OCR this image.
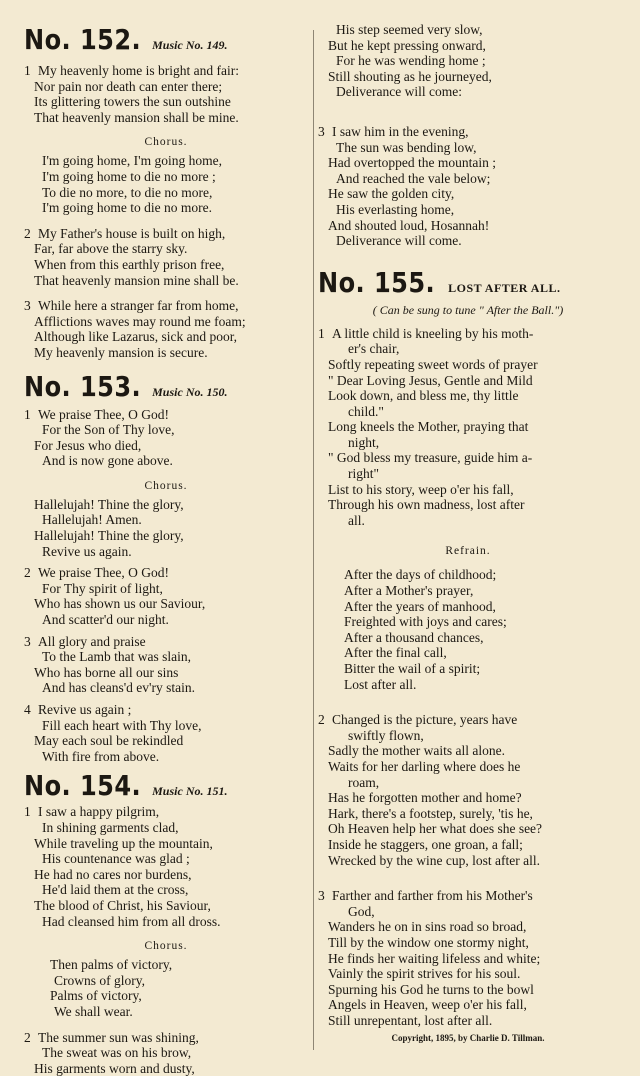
No. 152. Music No. 149.
1 My heavenly home is bright and fair:
Nor pain nor death can enter there;
Its glittering towers the sun outshine
That heavenly mansion shall be mine.
Chorus.
I'm going home, I'm going home,
I'm going home to die no more ;
To die no more, to die no more,
I'm going home to die no more.
2 My Father's house is built on high,
Far, far above the starry sky.
When from this earthly prison free,
That heavenly mansion mine shall be.
3 While here a stranger far from home,
Afflictions waves may round me foam;
Although like Lazarus, sick and poor,
My heavenly mansion is secure.
No. 153. Music No. 150.
1 We praise Thee, O God!
For the Son of Thy love,
For Jesus who died,
And is now gone above.
Chorus.
Hallelujah! Thine the glory,
Hallelujah! Amen.
Hallelujah! Thine the glory,
Revive us again.
2 We praise Thee, O God!
For Thy spirit of light,
Who has shown us our Saviour,
And scatter'd our night.
3 All glory and praise
To the Lamb that was slain,
Who has borne all our sins
And has cleans'd ev'ry stain.
4 Revive us again ;
Fill each heart with Thy love,
May each soul be rekindled
With fire from above.
No. 154. Music No. 151.
1 I saw a happy pilgrim,
In shining garments clad,
While traveling up the mountain,
His countenance was glad ;
He had no cares nor burdens,
He'd laid them at the cross,
The blood of Christ, his Saviour,
Had cleansed him from all dross.
Chorus.
Then palms of victory,
Crowns of glory,
Palms of victory,
We shall wear.
2 The summer sun was shining,
The sweat was on his brow,
His garments worn and dusty,
His step seemed very slow,
But he kept pressing onward,
For he was wending home ;
Still shouting as he journeyed,
Deliverance will come:
3 I saw him in the evening,
The sun was bending low,
Had overtopped the mountain ;
And reached the vale below;
He saw the golden city,
His everlasting home,
And shouted loud, Hosannah!
Deliverance will come.
No. 155. LOST AFTER ALL.
( Can be sung to tune " After the Ball.")
1 A little child is kneeling by his moth-
er's chair,
Softly repeating sweet words of prayer
" Dear Loving Jesus, Gentle and Mild
Look down, and bless me, thy little
child."
Long kneels the Mother, praying that
night,
" God bless my treasure, guide him a-
right"
List to his story, weep o'er his fall,
Through his own madness, lost after
all.
Refrain.
After the days of childhood;
After a Mother's prayer,
After the years of manhood,
Freighted with joys and cares;
After a thousand chances,
After the final call,
Bitter the wail of a spirit;
Lost after all.
2 Changed is the picture, years have
swiftly flown,
Sadly the mother waits all alone.
Waits for her darling where does he
roam,
Has he forgotten mother and home?
Hark, there's a footstep, surely, 'tis he,
Oh Heaven help her what does she see?
Inside he staggers, one groan, a fall;
Wrecked by the wine cup, lost after all.
3 Farther and farther from his Mother's
God,
Wanders he on in sins road so broad,
Till by the window one stormy night,
He finds her waiting lifeless and white;
Vainly the spirit strives for his soul.
Spurning his God he turns to the bowl
Angels in Heaven, weep o'er his fall,
Still unrepentant, lost after all.
Copyright, 1895, by Charlie D. Tillman.
